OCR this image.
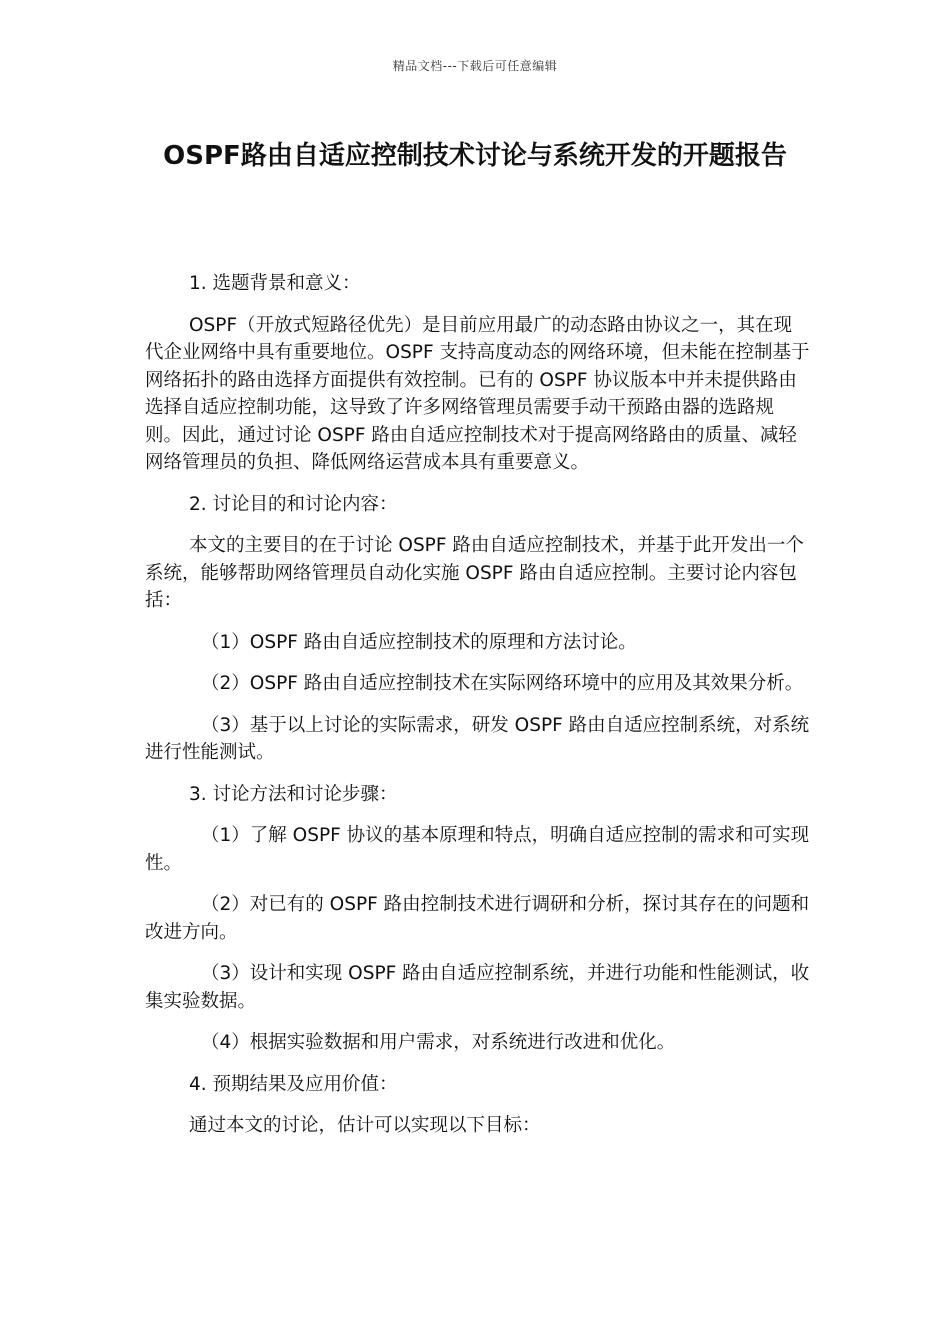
精品文档---下载后可任意编辑
OSPF路由自适应控制技术讨论与系统开发的开题报告

1. 选题背景和意义：

OSPF（开放式短路径优先）是目前应用最广的动态路由协议之一，其在现代企业网络中具有重要地位。OSPF 支持高度动态的网络环境，但未能在控制基于网络拓扑的路由选择方面提供有效控制。已有的 OSPF 协议版本中并未提供路由选择自适应控制功能，这导致了许多网络管理员需要手动干预路由器的选路规则。因此，通过讨论 OSPF 路由自适应控制技术对于提高网络路由的质量、减轻网络管理员的负担、降低网络运营成本具有重要意义。

2. 讨论目的和讨论内容：

本文的主要目的在于讨论 OSPF 路由自适应控制技术，并基于此开发出一个系统，能够帮助网络管理员自动化实施 OSPF 路由自适应控制。主要讨论内容包括：

（1）OSPF 路由自适应控制技术的原理和方法讨论。

（2）OSPF 路由自适应控制技术在实际网络环境中的应用及其效果分析。

（3）基于以上讨论的实际需求，研发 OSPF 路由自适应控制系统，对系统进行性能测试。

3. 讨论方法和讨论步骤：

（1）了解 OSPF 协议的基本原理和特点，明确自适应控制的需求和可实现性。

（2）对已有的 OSPF 路由控制技术进行调研和分析，探讨其存在的问题和改进方向。

（3）设计和实现 OSPF 路由自适应控制系统，并进行功能和性能测试，收集实验数据。

（4）根据实验数据和用户需求，对系统进行改进和优化。

4. 预期结果及应用价值：

通过本文的讨论，估计可以实现以下目标：
